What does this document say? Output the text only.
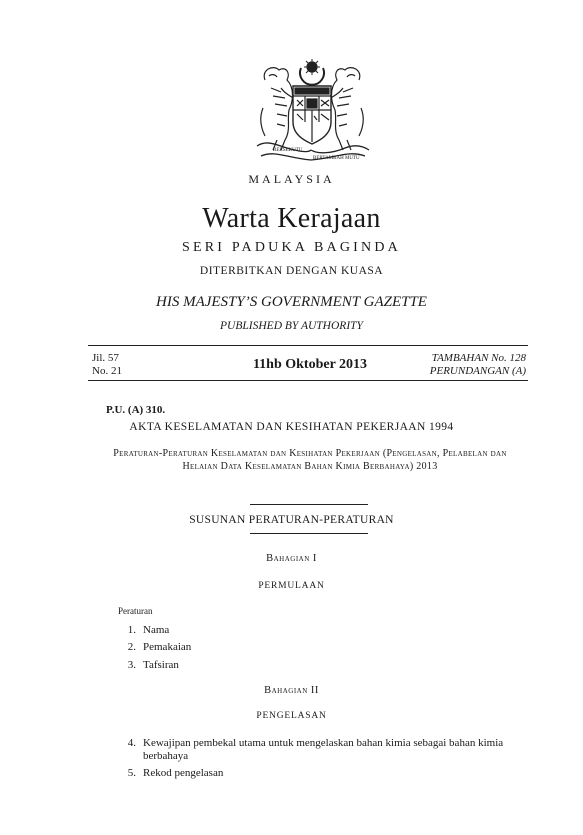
BERSEKUTU
BERTAMBAH MUTU
MALAYSIA
Warta Kerajaan
SERI PADUKA BAGINDA
DITERBITKAN DENGAN KUASA
HIS MAJESTY’S GOVERNMENT GAZETTE
PUBLISHED BY AUTHORITY
Jil. 57
No. 21	11hb Oktober 2013	TAMBAHAN No. 128
PERUNDANGAN (A)
P.U. (A) 310.
AKTA KESELAMATAN DAN KESIHATAN PEKERJAAN 1994
Peraturan-Peraturan Keselamatan dan Kesihatan Pekerjaan (Pengelasan, Pelabelan dan Helaian Data Keselamatan Bahan Kimia Berbahaya) 2013
SUSUNAN PERATURAN-PERATURAN
Bahagian I
PERMULAAN
Peraturan
1. Nama
2. Pemakaian
3. Tafsiran
Bahagian II
PENGELASAN
4. Kewajipan pembekal utama untuk mengelaskan bahan kimia sebagai bahan kimia berbahaya
5. Rekod pengelasan
